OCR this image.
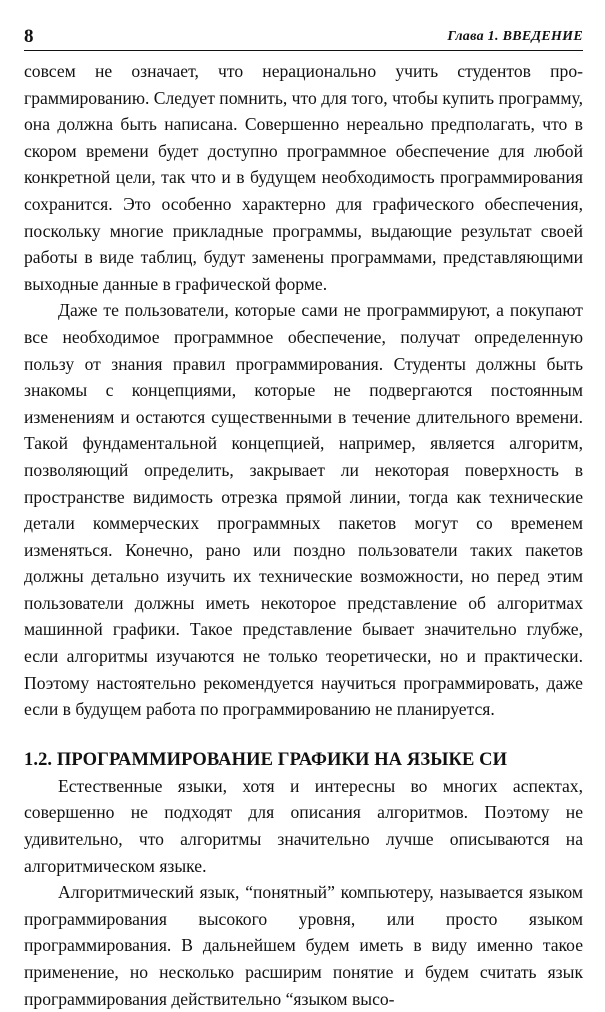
8	Глава 1. ВВЕДЕНИЕ

совсем не означает, что нерационально учить студентов программированию. Следует помнить, что для того, чтобы купить программу, она должна быть написана. Совершенно нереально предполагать, что в скором времени будет доступно программное обеспечение для любой конкретной цели, так что и в будущем необходимость программирования сохранится. Это особенно характерно для графического обеспечения, поскольку многие прикладные программы, выдающие результат своей работы в виде таблиц, будут заменены программами, представляющими выходные данные в графической форме.

Даже те пользователи, которые сами не программируют, а покупают все необходимое программное обеспечение, получат определенную пользу от знания правил программирования. Студенты должны быть знакомы с концепциями, которые не подвергаются постоянным изменениям и остаются существенными в течение длительного времени. Такой фундаментальной концепцией, например, является алгоритм, позволяющий определить, закрывает ли некоторая поверхность в пространстве видимость отрезка прямой линии, тогда как технические детали коммерческих программных пакетов могут со временем изменяться. Конечно, рано или поздно пользователи таких пакетов должны детально изучить их технические возможности, но перед этим пользователи должны иметь некоторое представление об алгоритмах машинной графики. Такое представление бывает значительно глубже, если алгоритмы изучаются не только теоретически, но и практически. Поэтому настоятельно рекомендуется научиться программировать, даже если в будущем работа по программированию не планируется.

1.2. ПРОГРАММИРОВАНИЕ ГРАФИКИ НА ЯЗЫКЕ СИ

Естественные языки, хотя и интересны во многих аспектах, совершенно не подходят для описания алгоритмов. Поэтому не удивительно, что алгоритмы значительно лучше описываются на алгоритмическом языке.

Алгоритмический язык, “понятный” компьютеру, называется языком программирования высокого уровня, или просто языком программирования. В дальнейшем будем иметь в виду именно такое применение, но несколько расширим понятие и будем считать язык программирования действительно “языком высо-
